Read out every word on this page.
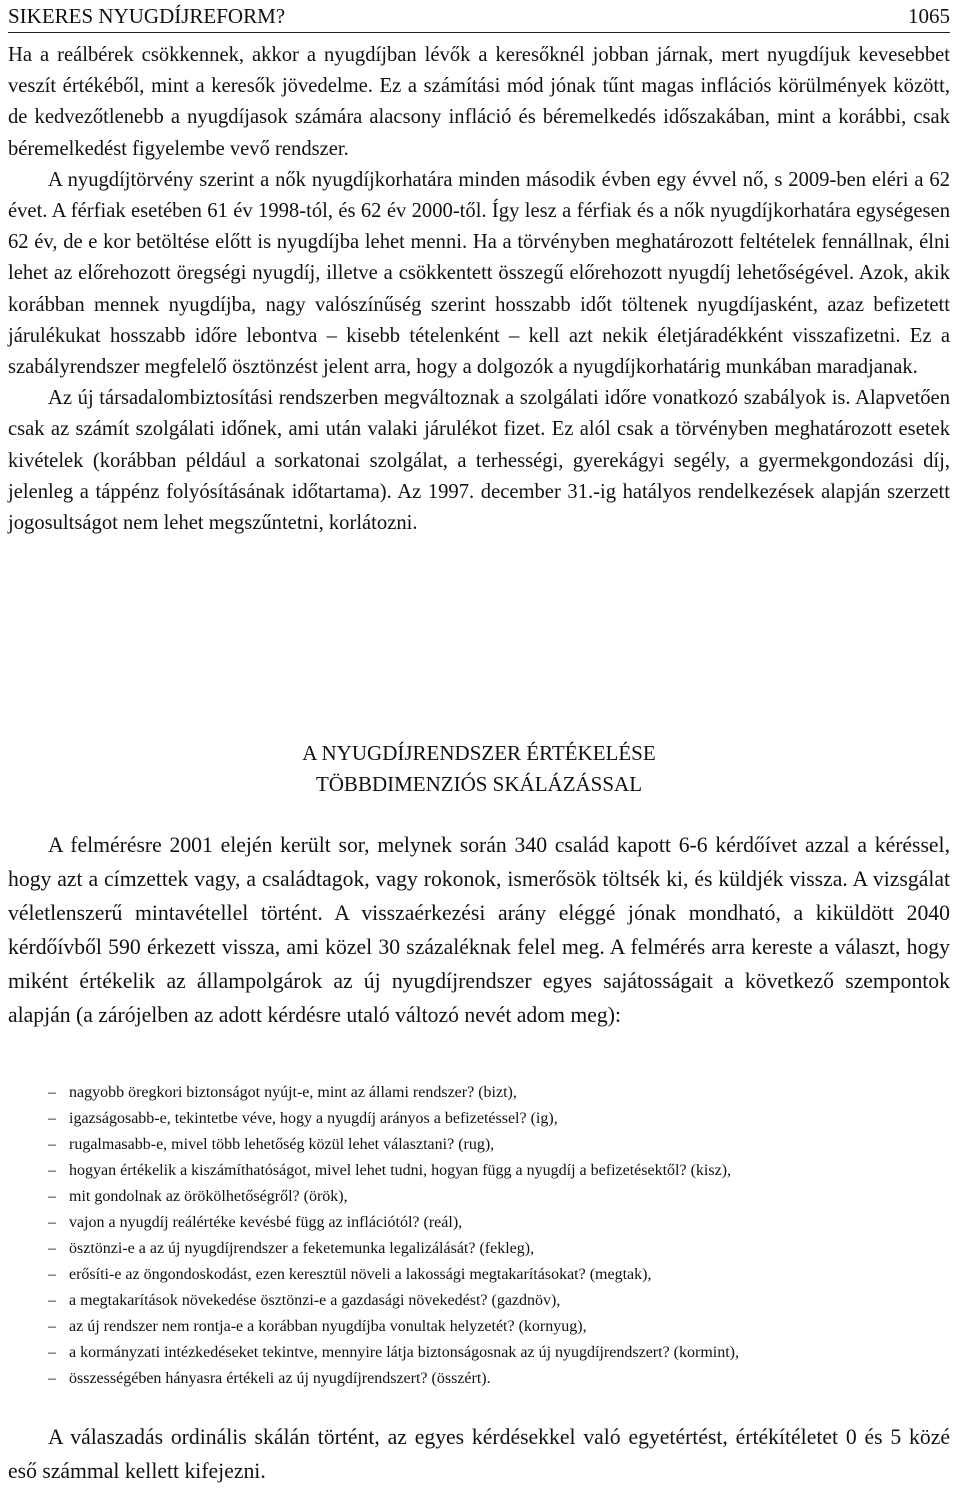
SIKERES NYUGDÍJREFORM?	1065

Ha a reálbérek csökkennek, akkor a nyugdíjban lévők a keresőknél jobban járnak, mert nyugdíjuk kevesebbet veszít értékéből, mint a keresők jövedelme. Ez a számítási mód jónak tűnt magas inflációs körülmények között, de kedvezőtlenebb a nyugdíjasok számára alacsony infláció és béremelkedés időszakában, mint a korábbi, csak béremelkedést figyelembe vevő rendszer.

A nyugdíjtörvény szerint a nők nyugdíjkorhatára minden második évben egy évvel nő, s 2009-ben eléri a 62 évet. A férfiak esetében 61 év 1998-tól, és 62 év 2000-től. Így lesz a férfiak és a nők nyugdíjkorhatára egységesen 62 év, de e kor betöltése előtt is nyugdíjba lehet menni. Ha a törvényben meghatározott feltételek fennállnak, élni lehet az előrehozott öregségi nyugdíj, illetve a csökkentett összegű előrehozott nyugdíj lehetőségével. Azok, akik korábban mennek nyugdíjba, nagy valószínűség szerint hosszabb időt töltenek nyugdíjasként, azaz befizetett járulékukat hosszabb időre lebontva – kisebb tételenként – kell azt nekik életjáradékként visszafizetni. Ez a szabályrendszer megfelelő ösztönzést jelent arra, hogy a dolgozók a nyugdíjkorhatárig munkában maradjanak.

Az új társadalombiztosítási rendszerben megváltoznak a szolgálati időre vonatkozó szabályok is. Alapvetően csak az számít szolgálati időnek, ami után valaki járulékot fizet. Ez alól csak a törvényben meghatározott esetek kivételek (korábban például a sorkatonai szolgálat, a terhességi, gyerekágyi segély, a gyermekgondozási díj, jelenleg a táppénz folyósításának időtartama). Az 1997. december 31.-ig hatályos rendelkezések alapján szerzett jogosultságot nem lehet megszűntetni, korlátozni.

A NYUGDÍJRENDSZER ÉRTÉKELÉSE
TÖBBDIMENZIÓS SKÁLÁZÁSSAL

A felmérésre 2001 elején került sor, melynek során 340 család kapott 6-6 kérdőívet azzal a kéréssel, hogy azt a címzettek vagy, a családtagok, vagy rokonok, ismerősök töltsék ki, és küldjék vissza. A vizsgálat véletlenszerű mintavétellel történt. A visszaérkezési arány eléggé jónak mondható, a kiküldött 2040 kérdőívből 590 érkezett vissza, ami közel 30 százaléknak felel meg. A felmérés arra kereste a választ, hogy miként értékelik az állampolgárok az új nyugdíjrendszer egyes sajátosságait a következő szempontok alapján (a zárójelben az adott kérdésre utaló változó nevét adom meg):

– nagyobb öregkori biztonságot nyújt-e, mint az állami rendszer? (bizt),
– igazságosabb-e, tekintetbe véve, hogy a nyugdíj arányos a befizetéssel? (ig),
– rugalmasabb-e, mivel több lehetőség közül lehet választani? (rug),
– hogyan értékelik a kiszámíthatóságot, mivel lehet tudni, hogyan függ a nyugdíj a befizetésektől? (kisz),
– mit gondolnak az örökölhetőségről? (örök),
– vajon a nyugdíj reálértéke kevésbé függ az inflációtól? (reál),
– ösztönzi-e a az új nyugdíjrendszer a feketemunka legalizálását? (fekleg),
– erősíti-e az öngondoskodást, ezen keresztül növeli a lakossági megtakarításokat? (megtak),
– a megtakarítások növekedése ösztönzi-e a gazdasági növekedést? (gazdnöv),
– az új rendszer nem rontja-e a korábban nyugdíjba vonultak helyzetét? (kornyug),
– a kormányzati intézkedéseket tekintve, mennyire látja biztonságosnak az új nyugdíjrendszert? (kormint),
– összességében hányasra értékeli az új nyugdíjrendszert? (összért).

A válaszadás ordinális skálán történt, az egyes kérdésekkel való egyetértést, értékítéletet 0 és 5 közé eső számmal kellett kifejezni.
